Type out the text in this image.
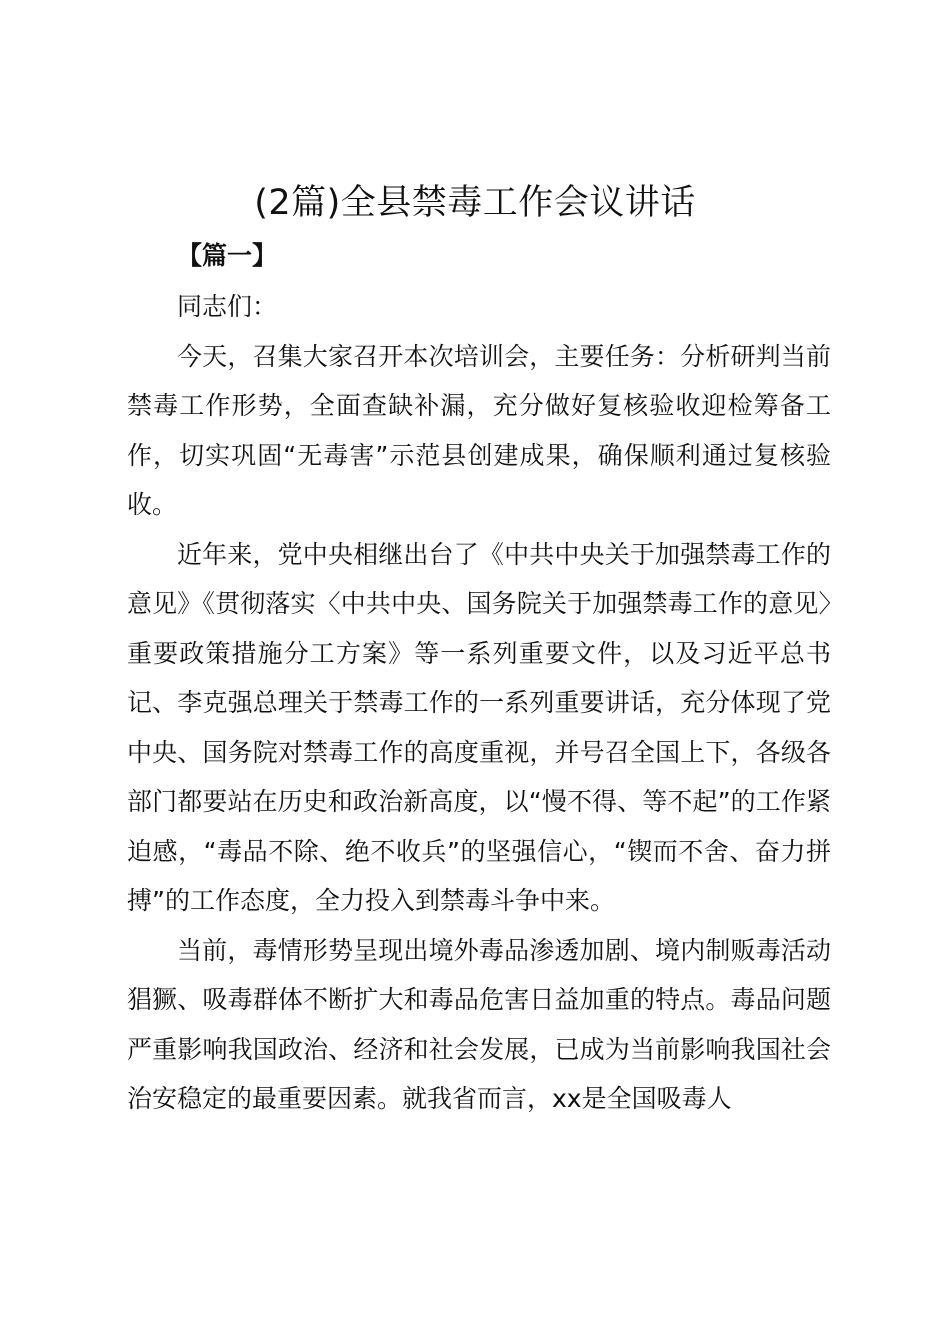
(2篇)全县禁毒工作会议讲话
【篇一】

同志们：

今天，召集大家召开本次培训会，主要任务：分析研判当前禁毒工作形势，全面查缺补漏，充分做好复核验收迎检筹备工作，切实巩固“无毒害”示范县创建成果，确保顺利通过复核验收。

近年来，党中央相继出台了《中共中央关于加强禁毒工作的意见》《贯彻落实〈中共中央、国务院关于加强禁毒工作的意见〉重要政策措施分工方案》等一系列重要文件，以及习近平总书记、李克强总理关于禁毒工作的一系列重要讲话，充分体现了党中央、国务院对禁毒工作的高度重视，并号召全国上下，各级各部门都要站在历史和政治新高度，以“慢不得、等不起”的工作紧迫感，“毒品不除、绝不收兵”的坚强信心，“锲而不舍、奋力拼搏”的工作态度，全力投入到禁毒斗争中来。

当前，毒情形势呈现出境外毒品渗透加剧、境内制贩毒活动猖獗、吸毒群体不断扩大和毒品危害日益加重的特点。毒品问题严重影响我国政治、经济和社会发展，已成为当前影响我国社会治安稳定的最重要因素。就我省而言，xx是全国吸毒人
